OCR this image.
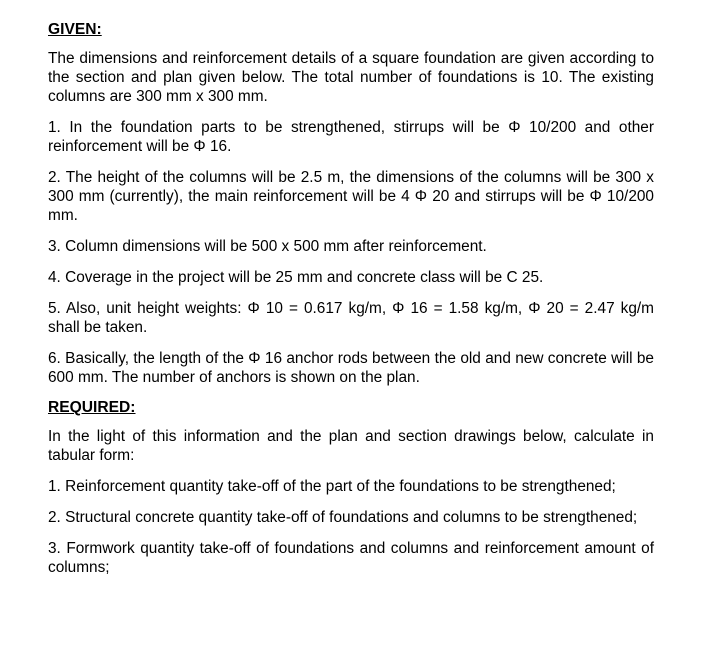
GIVEN:

The dimensions and reinforcement details of a square foundation are given according to the section and plan given below. The total number of foundations is 10. The existing columns are 300 mm x 300 mm.

1. In the foundation parts to be strengthened, stirrups will be Φ 10/200 and other reinforcement will be Φ 16.

2. The height of the columns will be 2.5 m, the dimensions of the columns will be 300 x 300 mm (currently), the main reinforcement will be 4 Φ 20 and stirrups will be Φ 10/200 mm.

3. Column dimensions will be 500 x 500 mm after reinforcement.

4. Coverage in the project will be 25 mm and concrete class will be C 25.

5. Also, unit height weights: Φ 10 = 0.617 kg/m, Φ 16 = 1.58 kg/m, Φ 20 = 2.47 kg/m shall be taken.

6. Basically, the length of the Φ 16 anchor rods between the old and new concrete will be 600 mm. The number of anchors is shown on the plan.

REQUIRED:

In the light of this information and the plan and section drawings below, calculate in tabular form:

1. Reinforcement quantity take-off of the part of the foundations to be strengthened;

2. Structural concrete quantity take-off of foundations and columns to be strengthened;

3. Formwork quantity take-off of foundations and columns and reinforcement amount of columns;
